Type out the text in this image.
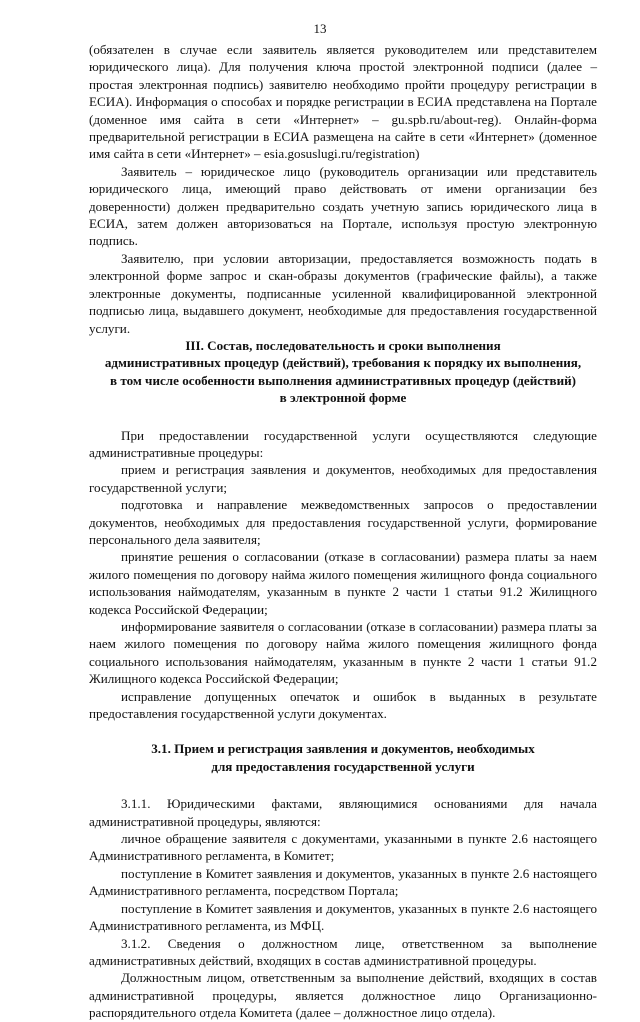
13

(обязателен в случае если заявитель является руководителем или представителем юридического лица). Для получения ключа простой электронной подписи (далее – простая электронная подпись) заявителю необходимо пройти процедуру регистрации в ЕСИА). Информация о способах и порядке регистрации в ЕСИА представлена на Портале (доменное имя сайта в сети «Интернет» – gu.spb.ru/about-reg). Онлайн-форма предварительной регистрации в ЕСИА размещена на сайте в сети «Интернет» (доменное имя сайта в сети «Интернет» – esia.gosuslugi.ru/registration)

Заявитель – юридическое лицо (руководитель организации или представитель юридического лица, имеющий право действовать от имени организации без доверенности) должен предварительно создать учетную запись юридического лица в ЕСИА, затем должен авторизоваться на Портале, используя простую электронную подпись.

Заявителю, при условии авторизации, предоставляется возможность подать в электронной форме запрос и скан-образы документов (графические файлы), а также электронные документы, подписанные усиленной квалифицированной электронной подписью лица, выдавшего документ, необходимые для предоставления государственной услуги.

III. Состав, последовательность и сроки выполнения
административных процедур (действий), требования к порядку их выполнения,
в том числе особенности выполнения административных процедур (действий)
в электронной форме

При предоставлении государственной услуги осуществляются следующие административные процедуры:

прием и регистрация заявления и документов, необходимых для предоставления государственной услуги;

подготовка и направление межведомственных запросов о предоставлении документов, необходимых для предоставления государственной услуги, формирование персонального дела заявителя;

принятие решения о согласовании (отказе в согласовании) размера платы за наем жилого помещения по договору найма жилого помещения жилищного фонда социального использования наймодателям, указанным в пункте 2 части 1 статьи 91.2 Жилищного кодекса Российской Федерации;

информирование заявителя о согласовании (отказе в согласовании) размера платы за наем жилого помещения по договору найма жилого помещения жилищного фонда социального использования наймодателям, указанным в пункте 2 части 1 статьи 91.2 Жилищного кодекса Российской Федерации;

исправление допущенных опечаток и ошибок в выданных в результате предоставления государственной услуги документах.

3.1. Прием и регистрация заявления и документов, необходимых
для предоставления государственной услуги

3.1.1. Юридическими фактами, являющимися основаниями для начала административной процедуры, являются:

личное обращение заявителя с документами, указанными в пункте 2.6 настоящего Административного регламента, в Комитет;

поступление в Комитет заявления и документов, указанных в пункте 2.6 настоящего Административного регламента, посредством Портала;

поступление в Комитет заявления и документов, указанных в пункте 2.6 настоящего Административного регламента, из МФЦ.

3.1.2. Сведения о должностном лице, ответственном за выполнение административных действий, входящих в состав административной процедуры.

Должностным лицом, ответственным за выполнение действий, входящих в состав административной процедуры, является должностное лицо Организационно-распорядительного отдела Комитета (далее – должностное лицо отдела).
